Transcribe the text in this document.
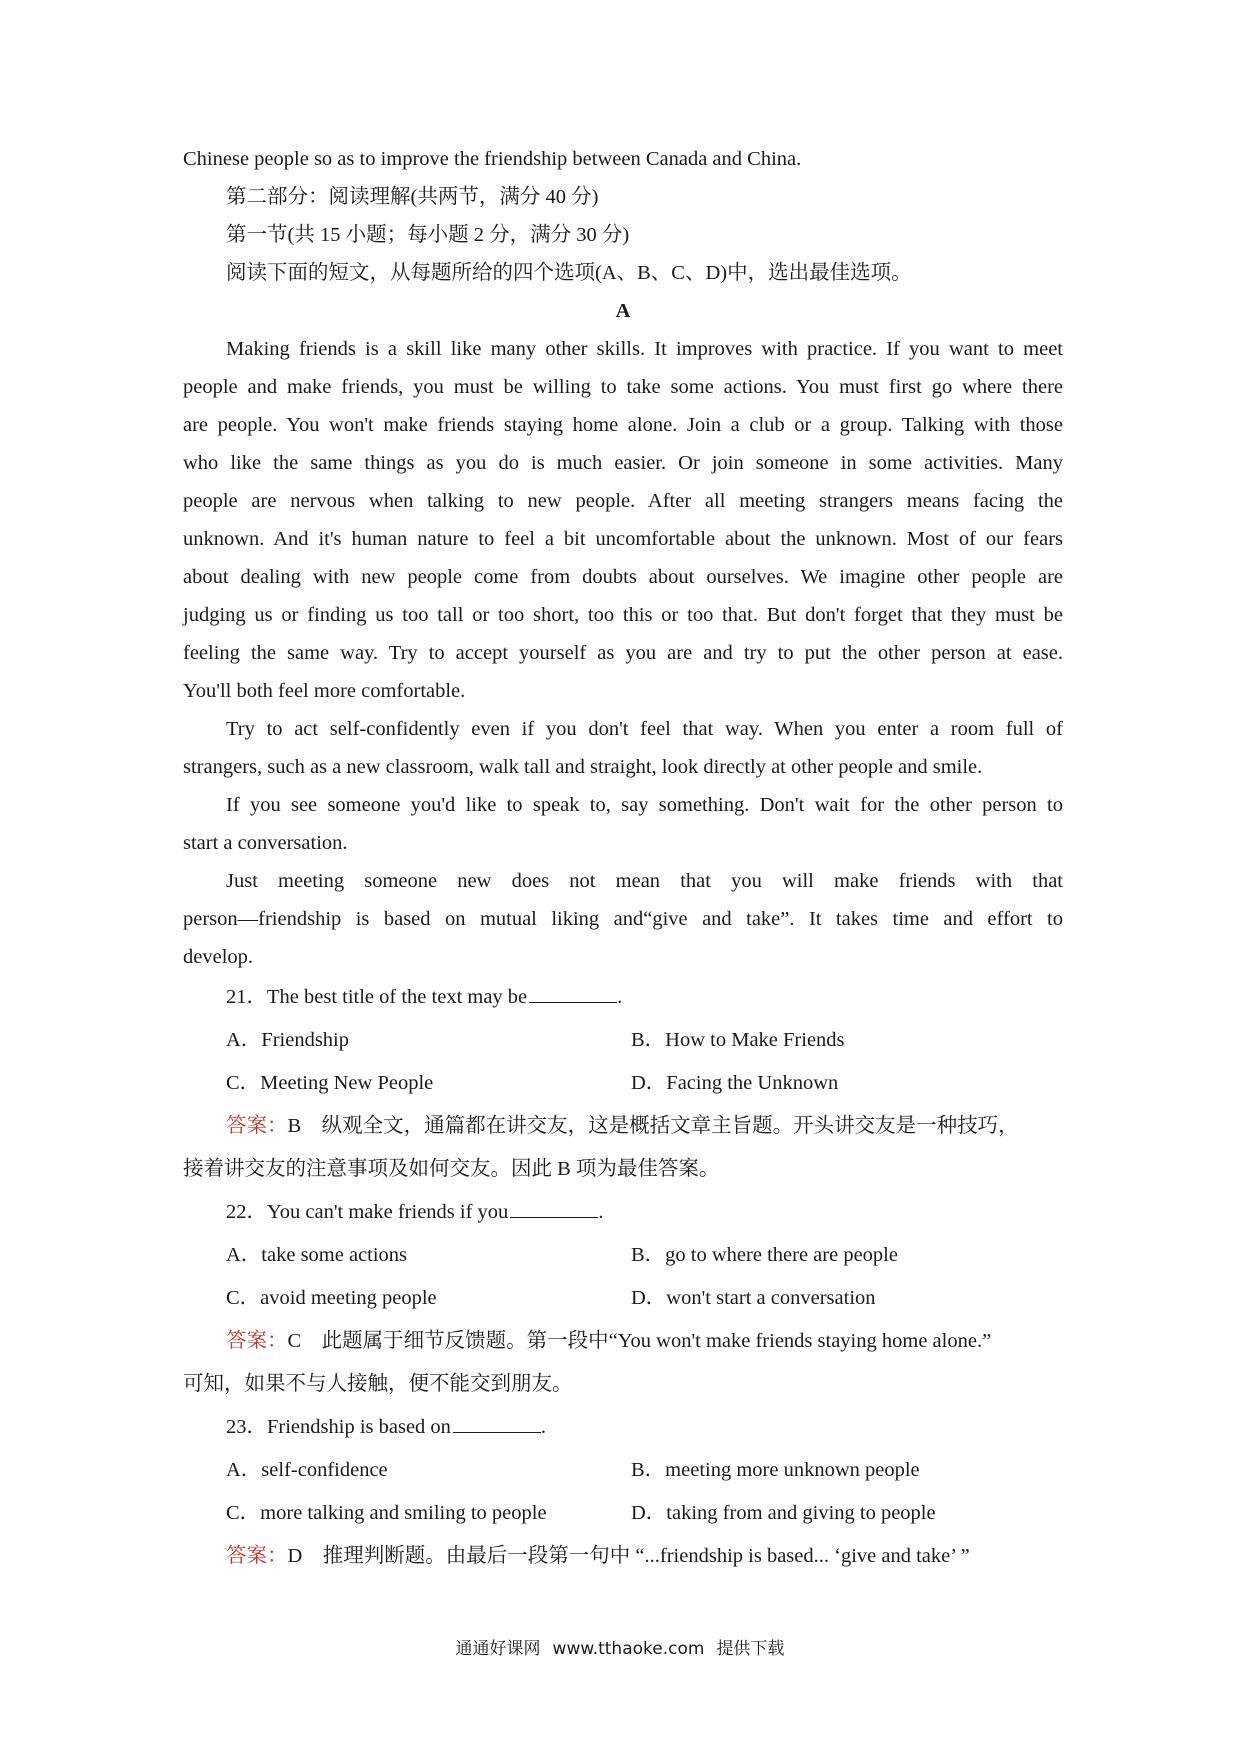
Chinese people so as to improve the friendship between Canada and China.
第二部分：阅读理解(共两节，满分 40 分)
第一节(共 15 小题；每小题 2 分，满分 30 分)
阅读下面的短文，从每题所给的四个选项(A、B、C、D)中，选出最佳选项。
A
Making friends is a skill like many other skills. It improves with practice. If you want to meet
people and make friends, you must be willing to take some actions. You must first go where there
are people. You won't make friends staying home alone. Join a club or a group. Talking with those
who like the same things as you do is much easier. Or join someone in some activities. Many
people are nervous when talking to new people. After all meeting strangers means facing the
unknown. And it's human nature to feel a bit uncomfortable about the unknown. Most of our fears
about dealing with new people come from doubts about ourselves. We imagine other people are
judging us or finding us too tall or too short, too this or too that. But don't forget that they must be
feeling the same way. Try to accept yourself as you are and try to put the other person at ease.
You'll both feel more comfortable.
Try to act self-confidently even if you don't feel that way. When you enter a room full of
strangers, such as a new classroom, walk tall and straight, look directly at other people and smile.
If you see someone you'd like to speak to, say something. Don't wait for the other person to
start a conversation.
Just meeting someone new does not mean that you will make friends with that
person—friendship is based on mutual liking and“give and take”. It takes time and effort to
develop.
21．The best title of the text may be	.
A．Friendship	B．How to Make Friends
C．Meeting New People	D．Facing the Unknown
答案：B　纵观全文，通篇都在讲交友，这是概括文章主旨题。开头讲交友是一种技巧，
接着讲交友的注意事项及如何交友。因此 B 项为最佳答案。
22．You can't make friends if you	.
A．take some actions	B．go to where there are people
C．avoid meeting people	D．won't start a conversation
答案：C　此题属于细节反馈题。第一段中“You won't make friends staying home alone.”
可知，如果不与人接触，便不能交到朋友。
23．Friendship is based on	.
A．self-confidence	B．meeting more unknown people
C．more talking and smiling to people	D．taking from and giving to people
答案：D　推理判断题。由最后一段第一句中 “...friendship is based... ‘give and take’ ”
通通好课网 www.tthaoke.com 提供下载
